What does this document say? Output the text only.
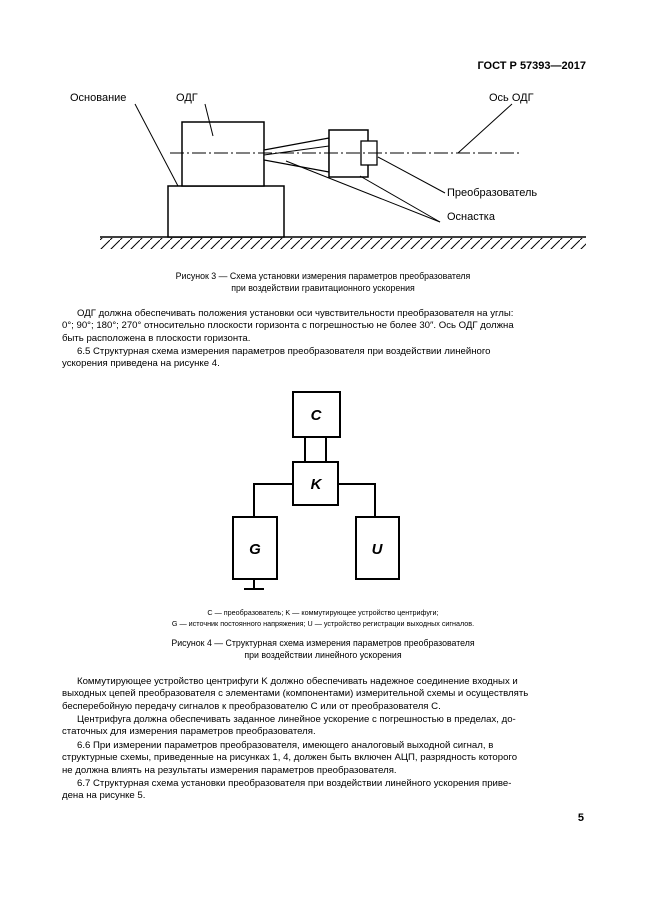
ГОСТ Р 57393—2017
Основание	ОДГ	Ось ОДГ
Преобразователь
Оснастка
Рисунок 3 — Схема установки измерения параметров преобразователя
при воздействии гравитационного ускорения

ОДГ должна обеспечивать положения установки оси чувствительности преобразователя на углы:

0°; 90°; 180°; 270° относительно плоскости горизонта с погрешностью не более 30″. Ось ОДГ должна

быть расположена в плоскости горизонта.

6.5 Структурная схема измерения параметров преобразователя при воздействии линейного

ускорения приведена на рисунке 4.

C
K
G	U
C — преобразователь; K — коммутирующее устройство центрифуги;
G — источник постоянного напряжения; U — устройство регистрации выходных сигналов.
Рисунок 4 — Структурная схема измерения параметров преобразователя
при воздействии линейного ускорения

Коммутирующее устройство центрифуги K должно обеспечивать надежное соединение входных и

выходных цепей преобразователя с элементами (компонентами) измерительной схемы и осуществлять

бесперебойную передачу сигналов к преобразователю C или от преобразователя C.

Центрифуга должна обеспечивать заданное линейное ускорение с погрешностью в пределах, до-

статочных для измерения параметров преобразователя.

6.6 При измерении параметров преобразователя, имеющего аналоговый выходной сигнал, в

структурные схемы, приведенные на рисунках 1, 4, должен быть включен АЦП, разрядность которого

не должна влиять на результаты измерения параметров преобразователя.

6.7 Структурная схема установки преобразователя при воздействии линейного ускорения приве-

дена на рисунке 5.

5
